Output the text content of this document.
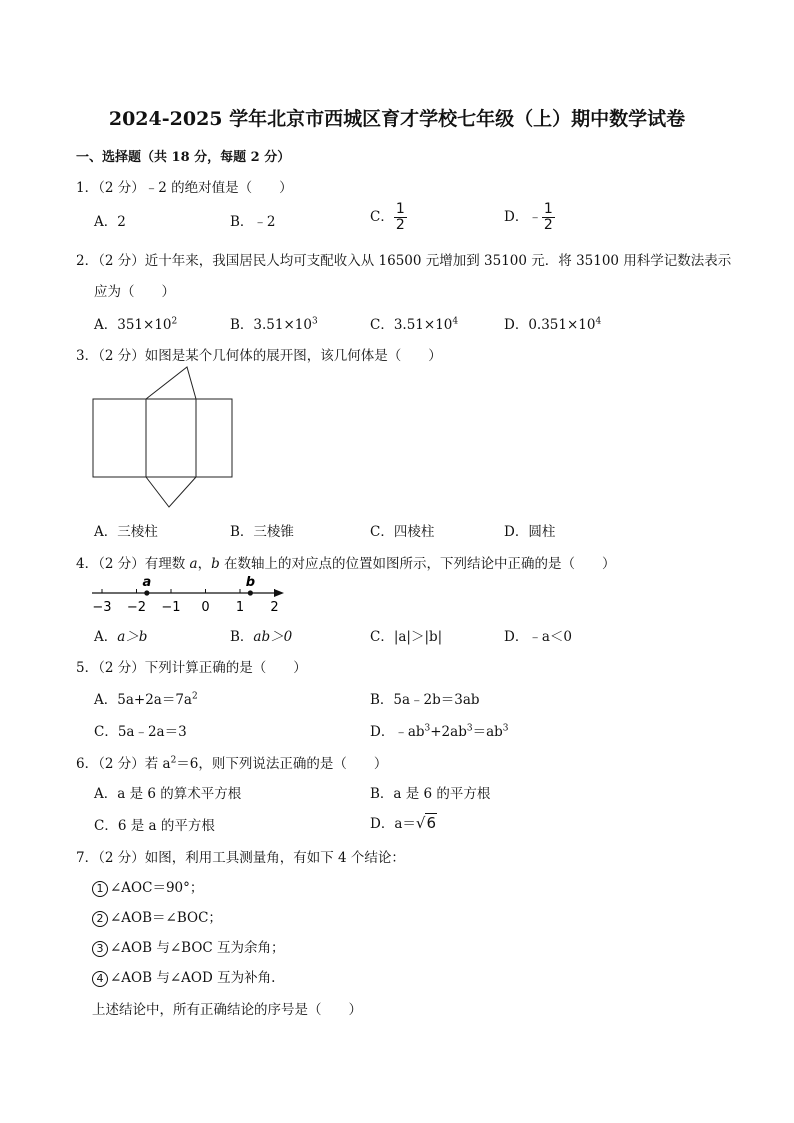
2024-2025 学年北京市西城区育才学校七年级（上）期中数学试卷
一、选择题（共 18 分，每题 2 分）
1．（2 分）﹣2 的绝对值是（　　）
A．2	B．﹣2	C． $\frac{1}{2}$	D．﹣ $\frac{1}{2}$
2．（2 分）近十年来，我国居民人均可支配收入从 16500 元增加到 35100 元．将 35100 用科学记数法表示
应为（　　）
A．$351\times 10^2$	B．$3.51\times 10^3$	C．$3.51\times 10^4$	D．$0.351\times 10^4$
3．（2 分）如图是某个几何体的展开图，该几何体是（　　）
A．三棱柱	B．三棱锥	C．四棱柱	D．圆柱
4．（2 分）有理数 a，b 在数轴上的对应点的位置如图所示，下列结论中正确的是（　　）
−3 −2 −1 0 1 2
a	b
A．a＞b	B．ab＞0	C．|a|＞|b|	D．﹣a＜0
5．（2 分）下列计算正确的是（　　）
A．$5a+2a=7a^2$	B．5a﹣2b＝3ab
C．5a﹣2a＝3	D．$﹣ab^3+2ab^3=ab^3$
6．（2 分）若 $a^2=6$，则下列说法正确的是（　　）
A．a 是 6 的算术平方根	B．a 是 6 的平方根
C．6 是 a 的平方根	D．a＝√6
7．（2 分）如图，利用工具测量角，有如下 4 个结论：
1 ∠AOC＝90°；
2 ∠AOB＝∠BOC；
3 ∠AOB 与∠BOC 互为余角；
4 ∠AOB 与∠AOD 互为补角.
上述结论中，所有正确结论的序号是（　　）
